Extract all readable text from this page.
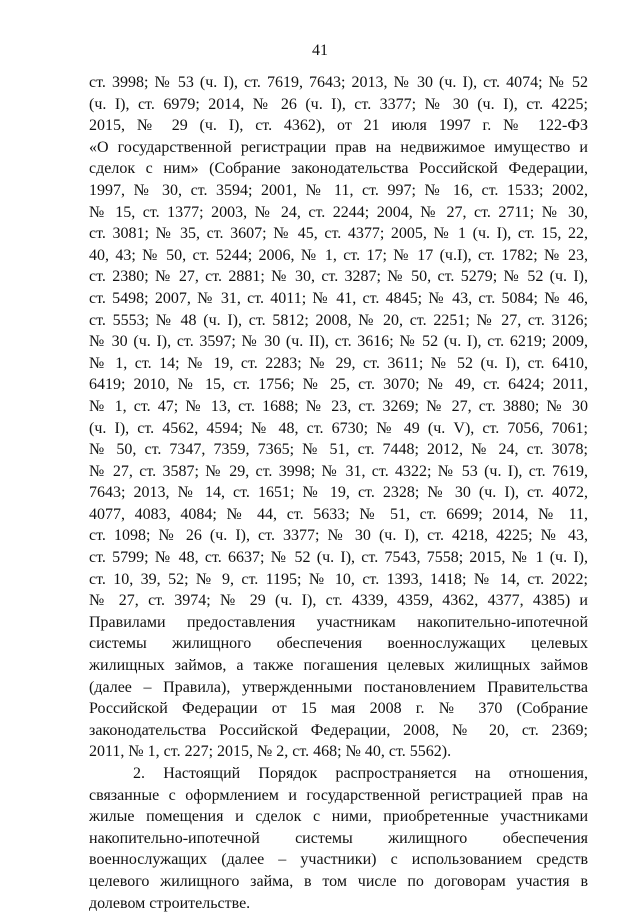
41
ст. 3998; № 53 (ч. I), ст. 7619, 7643; 2013, № 30 (ч. I), ст. 4074; № 52
(ч. I), ст. 6979; 2014, № 26 (ч. I), ст. 3377; № 30 (ч. I), ст. 4225;
2015, № 29 (ч. I), ст. 4362), от 21 июля 1997 г. № 122-ФЗ
«О государственной регистрации прав на недвижимое имущество и
сделок с ним» (Собрание законодательства Российской Федерации,
1997, № 30, ст. 3594; 2001, № 11, ст. 997; № 16, ст. 1533; 2002,
№ 15, ст. 1377; 2003, № 24, ст. 2244; 2004, № 27, ст. 2711; № 30,
ст. 3081; № 35, ст. 3607; № 45, ст. 4377; 2005, № 1 (ч. I), ст. 15, 22,
40, 43; № 50, ст. 5244; 2006, № 1, ст. 17; № 17 (ч.I), ст. 1782; № 23,
ст. 2380; № 27, ст. 2881; № 30, ст. 3287; № 50, ст. 5279; № 52 (ч. I),
ст. 5498; 2007, № 31, ст. 4011; № 41, ст. 4845; № 43, ст. 5084; № 46,
ст. 5553; № 48 (ч. I), ст. 5812; 2008, № 20, ст. 2251; № 27, ст. 3126;
№ 30 (ч. I), ст. 3597; № 30 (ч. II), ст. 3616; № 52 (ч. I), ст. 6219; 2009,
№ 1, ст. 14; № 19, ст. 2283; № 29, ст. 3611; № 52 (ч. I), ст. 6410,
6419; 2010, № 15, ст. 1756; № 25, ст. 3070; № 49, ст. 6424; 2011,
№ 1, ст. 47; № 13, ст. 1688; № 23, ст. 3269; № 27, ст. 3880; № 30
(ч. I), ст. 4562, 4594; № 48, ст. 6730; № 49 (ч. V), ст. 7056, 7061;
№ 50, ст. 7347, 7359, 7365; № 51, ст. 7448; 2012, № 24, ст. 3078;
№ 27, ст. 3587; № 29, ст. 3998; № 31, ст. 4322; № 53 (ч. I), ст. 7619,
7643; 2013, № 14, ст. 1651; № 19, ст. 2328; № 30 (ч. I), ст. 4072,
4077, 4083, 4084; № 44, ст. 5633; № 51, ст. 6699; 2014, № 11,
ст. 1098; № 26 (ч. I), ст. 3377; № 30 (ч. I), ст. 4218, 4225; № 43,
ст. 5799; № 48, ст. 6637; № 52 (ч. I), ст. 7543, 7558; 2015, № 1 (ч. I),
ст. 10, 39, 52; № 9, ст. 1195; № 10, ст. 1393, 1418; № 14, ст. 2022;
№ 27, ст. 3974; № 29 (ч. I), ст. 4339, 4359, 4362, 4377, 4385) и
Правилами предоставления участникам накопительно-ипотечной
системы жилищного обеспечения военнослужащих целевых
жилищных займов, а также погашения целевых жилищных займов
(далее – Правила), утвержденными постановлением Правительства
Российской Федерации от 15 мая 2008 г. № 370 (Собрание
законодательства Российской Федерации, 2008, № 20, ст. 2369;
2011, № 1, ст. 227; 2015, № 2, ст. 468; № 40, ст. 5562).
2. Настоящий Порядок распространяется на отношения,
связанные с оформлением и государственной регистрацией прав на
жилые помещения и сделок с ними, приобретенные участниками
накопительно-ипотечной системы жилищного обеспечения
военнослужащих (далее – участники) с использованием средств
целевого жилищного займа, в том числе по договорам участия в
долевом строительстве.
